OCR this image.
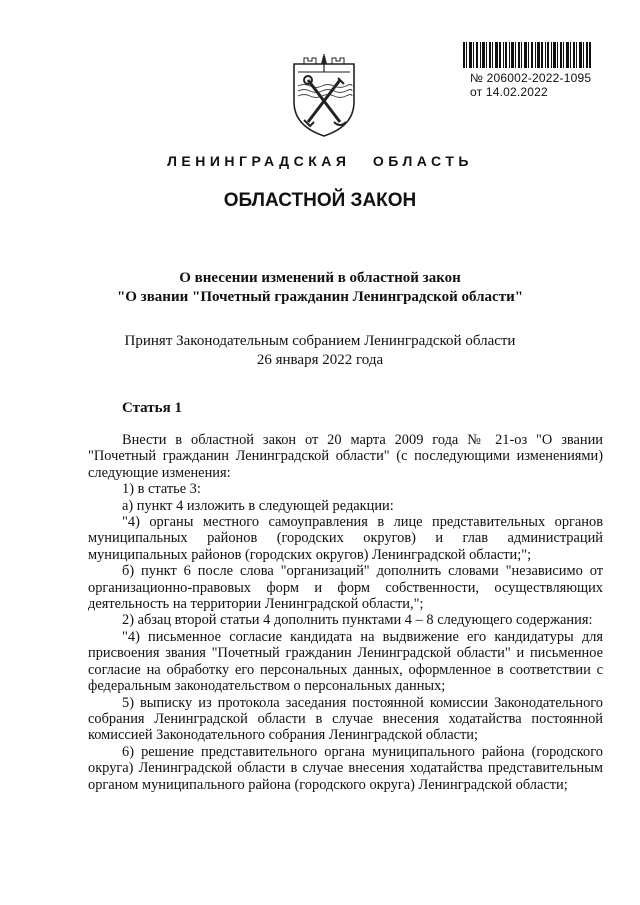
№ 206002-2022-1095
от 14.02.2022
ЛЕНИНГРАДСКАЯ ОБЛАСТЬ
ОБЛАСТНОЙ ЗАКОН
О внесении изменений в областной закон
"О звании "Почетный гражданин Ленинградской области"
Принят Законодательным собранием Ленинградской области
26 января 2022 года
Статья 1

Внести в областной закон от 20 марта 2009 года № 21-оз "О звании "Почетный гражданин Ленинградской области" (с последующими изменениями) следующие изменения:

1) в статье 3:

а) пункт 4 изложить в следующей редакции:

"4) органы местного самоуправления в лице представительных органов муниципальных районов (городских округов) и глав администраций муниципальных районов (городских округов) Ленинградской области;";

б) пункт 6 после слова "организаций" дополнить словами "независимо от организационно-правовых форм и форм собственности, осуществляющих деятельность на территории Ленинградской области,";

2) абзац второй статьи 4 дополнить пунктами 4 – 8 следующего содержания:

"4) письменное согласие кандидата на выдвижение его кандидатуры для присвоения звания "Почетный гражданин Ленинградской области" и письменное согласие на обработку его персональных данных, оформленное в соответствии с федеральным законодательством о персональных данных;

5) выписку из протокола заседания постоянной комиссии Законодательного собрания Ленинградской области в случае внесения ходатайства постоянной комиссией Законодательного собрания Ленинградской области;

6) решение представительного органа муниципального района (городского округа) Ленинградской области в случае внесения ходатайства представительным органом муниципального района (городского округа) Ленинградской области;
